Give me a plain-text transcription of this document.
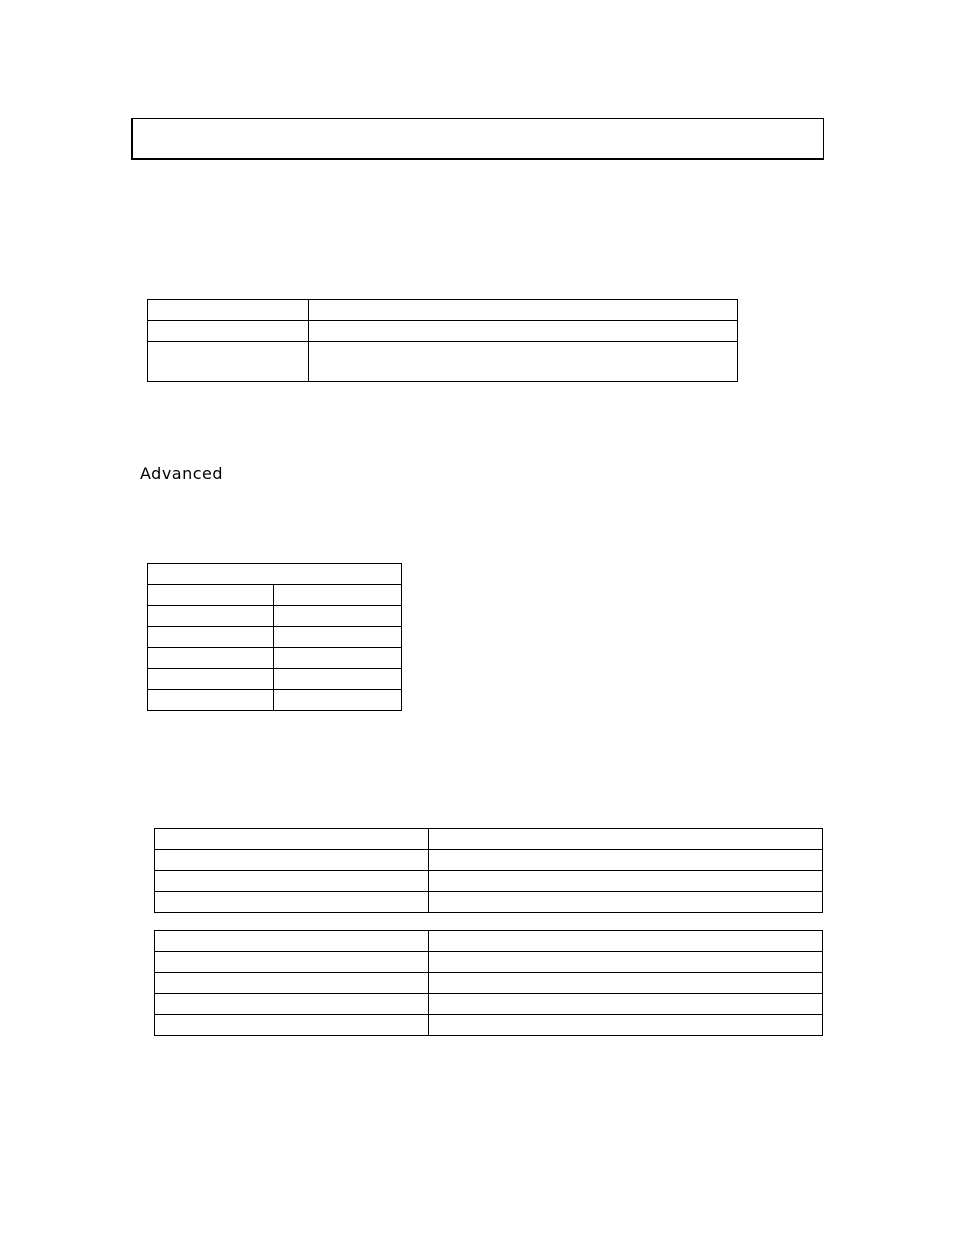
Advanced
